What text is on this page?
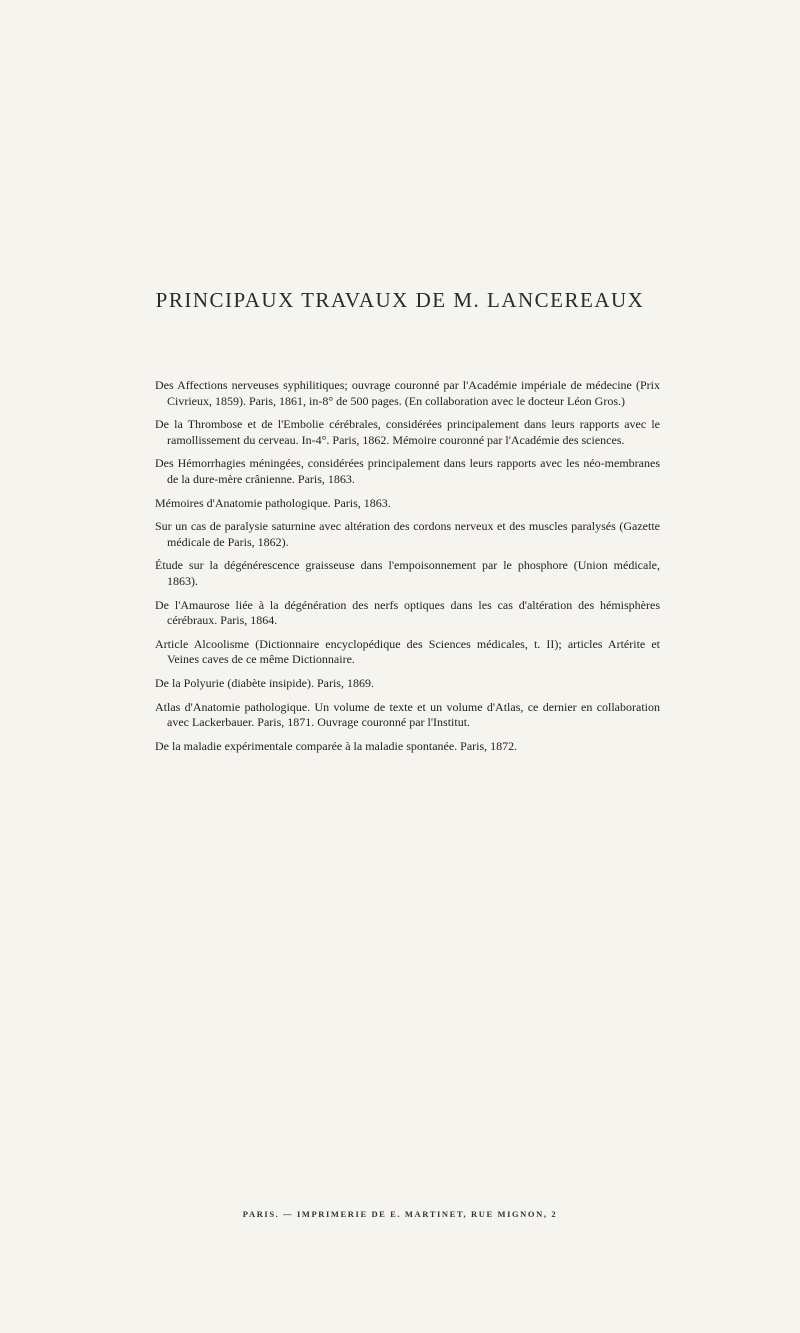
PRINCIPAUX TRAVAUX DE M. LANCEREAUX

Des Affections nerveuses syphilitiques; ouvrage couronné par l'Académie impériale de médecine (Prix Civrieux, 1859). Paris, 1861, in-8° de 500 pages. (En collaboration avec le docteur Léon Gros.)

De la Thrombose et de l'Embolie cérébrales, considérées principalement dans leurs rapports avec le ramollissement du cerveau. In-4°. Paris, 1862. Mémoire couronné par l'Académie des sciences.

Des Hémorrhagies méningées, considérées principalement dans leurs rapports avec les néo-membranes de la dure-mère crânienne. Paris, 1863.

Mémoires d'Anatomie pathologique. Paris, 1863.

Sur un cas de paralysie saturnine avec altération des cordons nerveux et des muscles paralysés (Gazette médicale de Paris, 1862).

Étude sur la dégénérescence graisseuse dans l'empoisonnement par le phosphore (Union médicale, 1863).

De l'Amaurose liée à la dégénération des nerfs optiques dans les cas d'altération des hémisphères cérébraux. Paris, 1864.

Article Alcoolisme (Dictionnaire encyclopédique des Sciences médicales, t. II); articles Artérite et Veines caves de ce même Dictionnaire.

De la Polyurie (diabète insipide). Paris, 1869.

Atlas d'Anatomie pathologique. Un volume de texte et un volume d'Atlas, ce dernier en collaboration avec Lackerbauer. Paris, 1871. Ouvrage couronné par l'Institut.

De la maladie expérimentale comparée à la maladie spontanée. Paris, 1872.

PARIS. — IMPRIMERIE DE E. MARTINET, RUE MIGNON, 2
